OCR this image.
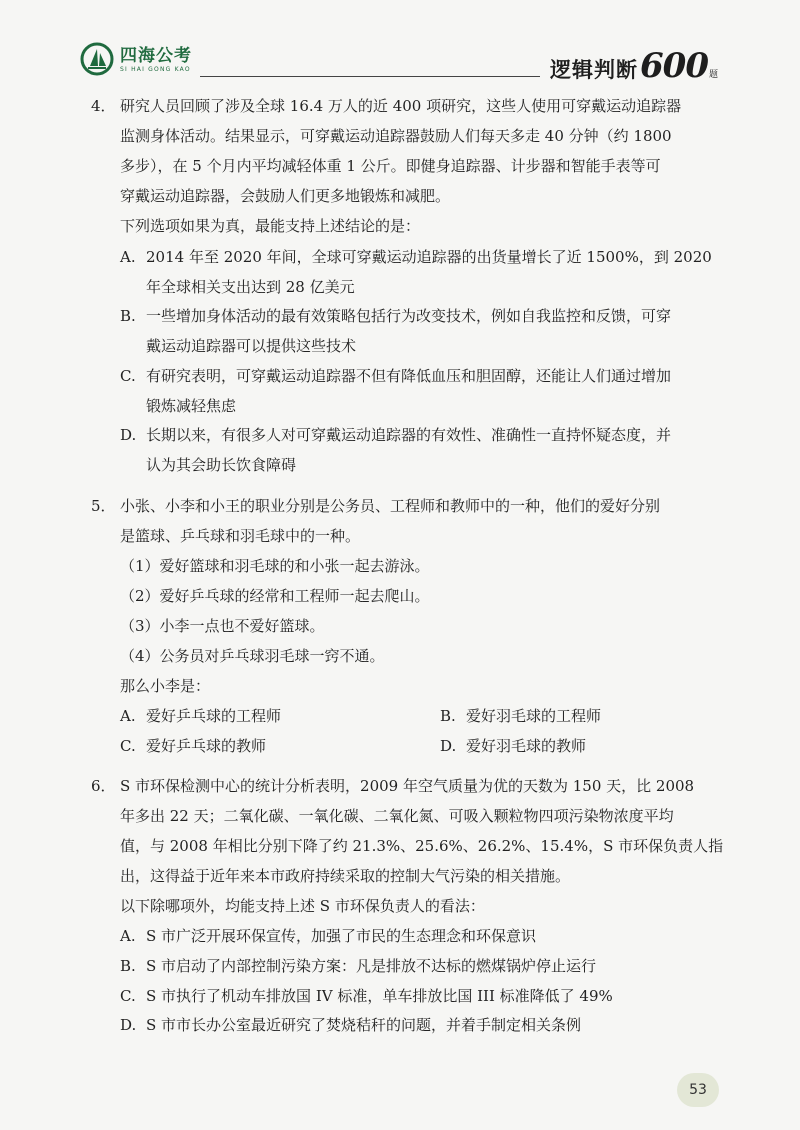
四海公考
SI HAI GONG KAO	逻辑判断 600 题
4． 研究人员回顾了涉及全球 16.4 万人的近 400 项研究，这些人使用可穿戴运动追踪器
监测身体活动。结果显示，可穿戴运动追踪器鼓励人们每天多走 40 分钟（约 1800
多步），在 5 个月内平均减轻体重 1 公斤。即健身追踪器、计步器和智能手表等可
穿戴运动追踪器，会鼓励人们更多地锻炼和减肥。
下列选项如果为真，最能支持上述结论的是：
A. 2014 年至 2020 年间，全球可穿戴运动追踪器的出货量增长了近 1500%，到 2020
年全球相关支出达到 28 亿美元
B. 一些增加身体活动的最有效策略包括行为改变技术，例如自我监控和反馈，可穿
戴运动追踪器可以提供这些技术
C. 有研究表明，可穿戴运动追踪器不但有降低血压和胆固醇，还能让人们通过增加
锻炼减轻焦虑
D. 长期以来，有很多人对可穿戴运动追踪器的有效性、准确性一直持怀疑态度，并
认为其会助长饮食障碍
5． 小张、小李和小王的职业分别是公务员、工程师和教师中的一种，他们的爱好分别
是篮球、乒乓球和羽毛球中的一种。
（1）爱好篮球和羽毛球的和小张一起去游泳。
（2）爱好乒乓球的经常和工程师一起去爬山。
（3）小李一点也不爱好篮球。
（4）公务员对乒乓球羽毛球一窍不通。
那么小李是：
A. 爱好乒乓球的工程师	B. 爱好羽毛球的工程师
C. 爱好乒乓球的教师	D. 爱好羽毛球的教师
6． S 市环保检测中心的统计分析表明，2009 年空气质量为优的天数为 150 天，比 2008
年多出 22 天；二氧化碳、一氧化碳、二氧化氮、可吸入颗粒物四项污染物浓度平均
值，与 2008 年相比分别下降了约 21.3%、25.6%、26.2%、15.4%，S 市环保负责人指
出，这得益于近年来本市政府持续采取的控制大气污染的相关措施。
以下除哪项外，均能支持上述 S 市环保负责人的看法：
A. S 市广泛开展环保宣传，加强了市民的生态理念和环保意识
B. S 市启动了内部控制污染方案：凡是排放不达标的燃煤锅炉停止运行
C. S 市执行了机动车排放国 IV 标准，单车排放比国 III 标准降低了 49%
D. S 市市长办公室最近研究了焚烧秸秆的问题，并着手制定相关条例
53
